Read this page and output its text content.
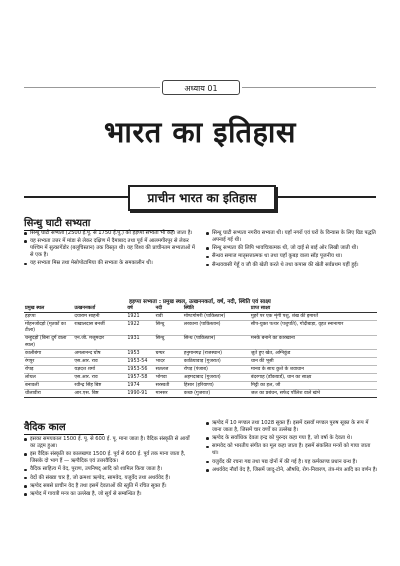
अध्याय 01
भारत का इतिहास
प्राचीन भारत का इतिहास
सिन्धु घाटी सभ्यता
सिन्धु घाटी सभ्यता (2500 ई.पू. से 1750 ई.पू.) को हड़प्पा सभ्यता भी कहा जाता है।
यह सभ्यता उत्तर में मांडा से लेकर दक्षिण में दैमाबाद तथा पूर्व में आलमगीरपुर से लेकर पश्चिम में सुत्कागेंडोर (बलूचिस्तान) तक विस्तृत थी। यह विश्व की प्राचीनतम सभ्यताओं में से एक है।
यह सभ्यता मिस्र तथा मेसोपोटामिया की सभ्यता के समकालीन थी।
सिन्धु घाटी सभ्यता नगरीय सभ्यता थी। यहाँ नगरों एवं घरों के विन्यास के लिए ग्रिड पद्धति अपनाई गई थी।
सिन्धु सभ्यता की लिपि भावचित्रात्मक थी, जो दाईं से बाईं ओर लिखी जाती थी।
सैन्धव समाज मातृसत्तात्मक था तथा यहाँ कूबड़ वाला साँड़ पूजनीय था।
सैन्धववासी गेहूँ व जौ की खेती करते थे तथा कपास की खेती सर्वप्रथम यहीं हुई।
हड़प्पा सभ्यता : प्रमुख स्थल, उत्खननकर्ता, वर्ष, नदी, स्थिति एवं साक्ष्य
प्रमुख स्थल	उत्खननकर्ता	वर्ष	नदी	स्थिति	प्राप्त साक्ष्य
हड़प्पा	दयाराम साहनी	1921	रावी	मोण्टगोमरी (पाकिस्तान)	मुहरें पर एक शृंगी पशु, शंख की इमारतें
मोहनजोदड़ो (मृतकों का टीला)	राखालदास बनर्जी	1922	सिन्धु	लरकाना (पाकिस्तान)	सीप-युक्त पत्थर (पशुपति), गोदीबाड़ा, वृहत स्नानागार
चन्हुदड़ो (बिना दुर्ग वाला स्थल)	एन.जी. मजूमदार	1931	सिन्धु	सिन्ध (पाकिस्तान)	मनके बनाने का कारखाना
कालीबंगा	अमलानन्द घोष	1953	घग्घर	हनुमानगढ़ (राजस्थान)	जुते हुए खेत, अग्निकुंड
रंगपुर	एस.आर. राव	1953-54	भादर	काठियावाड़ (गुजरात)	धान की भूसी
रोपड़	यज्ञदत्त शर्मा	1953-56	सतलज	रोपड़ (पंजाब)	मानव के साथ कुत्ते के शवाधान
लोथल	एस.आर. राव	1957-58	भोगवा	अहमदाबाद (गुजरात)	बंदरगाह (डॉकयार्ड), धान का साक्ष्य
बनावली	रवीन्द्र सिंह बिष्ट	1974	सरस्वती	हिसार (हरियाणा)	मिट्टी का हल, जौ
धौलावीरा	आर.एस. बिष्ट	1990-91	मानसर	कच्छ (गुजरात)	जल का प्रबंधन, सफेद पॉलिश वाले खंभे
वैदिक काल
इसका समयकाल 1500 ई. पू. से 600 ई. पू. माना जाता है। वैदिक संस्कृति से आर्यों का उद्गम हुआ।
इस वैदिक संस्कृति का कालखण्ड 1500 ई. पूर्व से 600 ई. पूर्व तक माना जाता है, जिसके दो भाग हैं — ऋग्वैदिक एवं उत्तरवैदिक।
वैदिक साहित्य में वेद, पुराण, उपनिषद् आदि को शामिल किया जाता है।
वेदों की संख्या चार है, जो क्रमशः ऋग्वेद, सामवेद, यजुर्वेद तथा अथर्ववेद हैं।
ऋग्वेद सबसे प्राचीन वेद है तथा इसमें देवताओं की स्तुति में रचित सूक्त हैं।
ऋग्वेद में गायत्री मन्त्र का उल्लेख है, जो सूर्य से सम्बन्धित है।
ऋग्वेद में 10 मण्डल तथा 1028 सूक्त हैं। इसमें दसवाँ मण्डल पुरुष सूक्त के रूप में जाना जाता है, जिसमें चार वर्णों का उल्लेख है।
ऋग्वेद के सर्वाधिक देवता इन्द्र को पुरन्दर कहा गया है, जो वर्षा के देवता थे।
सामवेद को भारतीय संगीत का मूल कहा जाता है। इसमें संकलित मन्त्रों को गाया जाता था।
यजुर्वेद की रचना गद्य तथा पद्य दोनों में की गई है। यह कर्मकाण्ड प्रधान ग्रन्थ है।
अथर्ववेद नौवाँ वेद है, जिसमें जादू-टोने, औषधि, रोग-निवारण, तंत्र-मंत्र आदि का वर्णन है।
